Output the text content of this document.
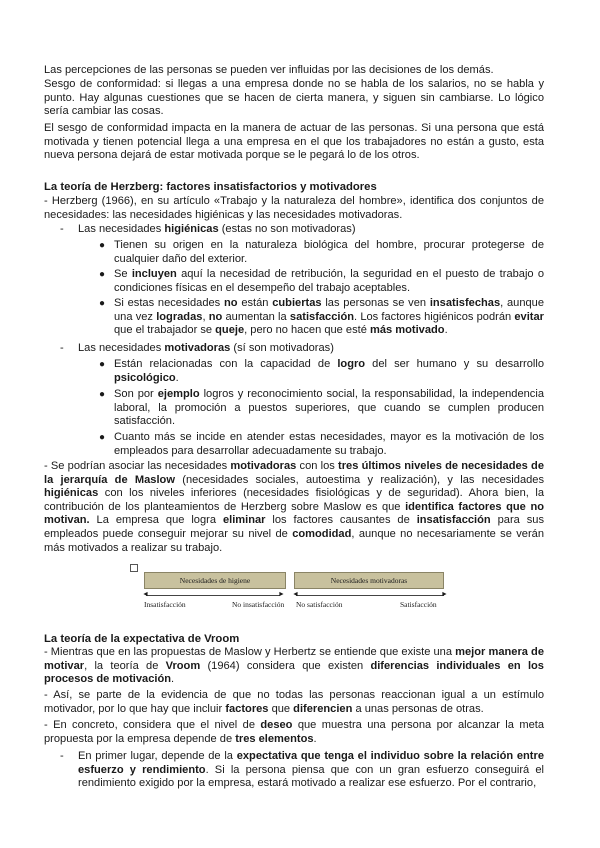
Las percepciones de las personas se pueden ver influidas por las decisiones de los demás.

Sesgo de conformidad: si llegas a una empresa donde no se habla de los salarios, no se habla y punto. Hay algunas cuestiones que se hacen de cierta manera, y siguen sin cambiarse. Lo lógico sería cambiar las cosas.

El sesgo de conformidad impacta en la manera de actuar de las personas. Si una persona que está motivada y tienen potencial llega a una empresa en el que los trabajadores no están a gusto, esta nueva persona dejará de estar motivada porque se le pegará lo de los otros.

La teoría de Herzberg: factores insatisfactorios y motivadores

- Herzberg (1966), en su artículo «Trabajo y la naturaleza del hombre», identifica dos conjuntos de necesidades: las necesidades higiénicas y las necesidades motivadoras.

- Las necesidades higiénicas (estas no son motivadoras)

● Tienen su origen en la naturaleza biológica del hombre, procurar protegerse de cualquier daño del exterior.

● Se incluyen aquí la necesidad de retribución, la seguridad en el puesto de trabajo o condiciones físicas en el desempeño del trabajo aceptables.

● Si estas necesidades no están cubiertas las personas se ven insatisfechas, aunque una vez logradas, no aumentan la satisfacción. Los factores higiénicos podrán evitar que el trabajador se queje, pero no hacen que esté más motivado.

- Las necesidades motivadoras (sí son motivadoras)

● Están relacionadas con la capacidad de logro del ser humano y su desarrollo psicológico.

● Son por ejemplo logros y reconocimiento social, la responsabilidad, la independencia laboral, la promoción a puestos superiores, que cuando se cumplen producen satisfacción.

● Cuanto más se incide en atender estas necesidades, mayor es la motivación de los empleados para desarrollar adecuadamente su trabajo.

- Se podrían asociar las necesidades motivadoras con los tres últimos niveles de necesidades de la jerarquía de Maslow (necesidades sociales, autoestima y realización), y las necesidades higiénicas con los niveles inferiores (necesidades fisiológicas y de seguridad). Ahora bien, la contribución de los planteamientos de Herzberg sobre Maslow es que identifica factores que no motivan. La empresa que logra eliminar los factores causantes de insatisfacción para sus empleados puede conseguir mejorar su nivel de comodidad, aunque no necesariamente se verán más motivados a realizar su trabajo.

Necesidades de higiene	Necesidades motivadoras
◄	► ◄	►
Insatisfacción	No insatisfacción No satisfacción	Satisfacción
La teoría de la expectativa de Vroom

- Mientras que en las propuestas de Maslow y Herbertz se entiende que existe una mejor manera de motivar, la teoría de Vroom (1964) considera que existen diferencias individuales en los procesos de motivación.

- Así, se parte de la evidencia de que no todas las personas reaccionan igual a un estímulo motivador, por lo que hay que incluir factores que diferencien a unas personas de otras.

- En concreto, considera que el nivel de deseo que muestra una persona por alcanzar la meta propuesta por la empresa depende de tres elementos.

- En primer lugar, depende de la expectativa que tenga el individuo sobre la relación entre esfuerzo y rendimiento. Si la persona piensa que con un gran esfuerzo conseguirá el rendimiento exigido por la empresa, estará motivado a realizar ese esfuerzo. Por el contrario,
